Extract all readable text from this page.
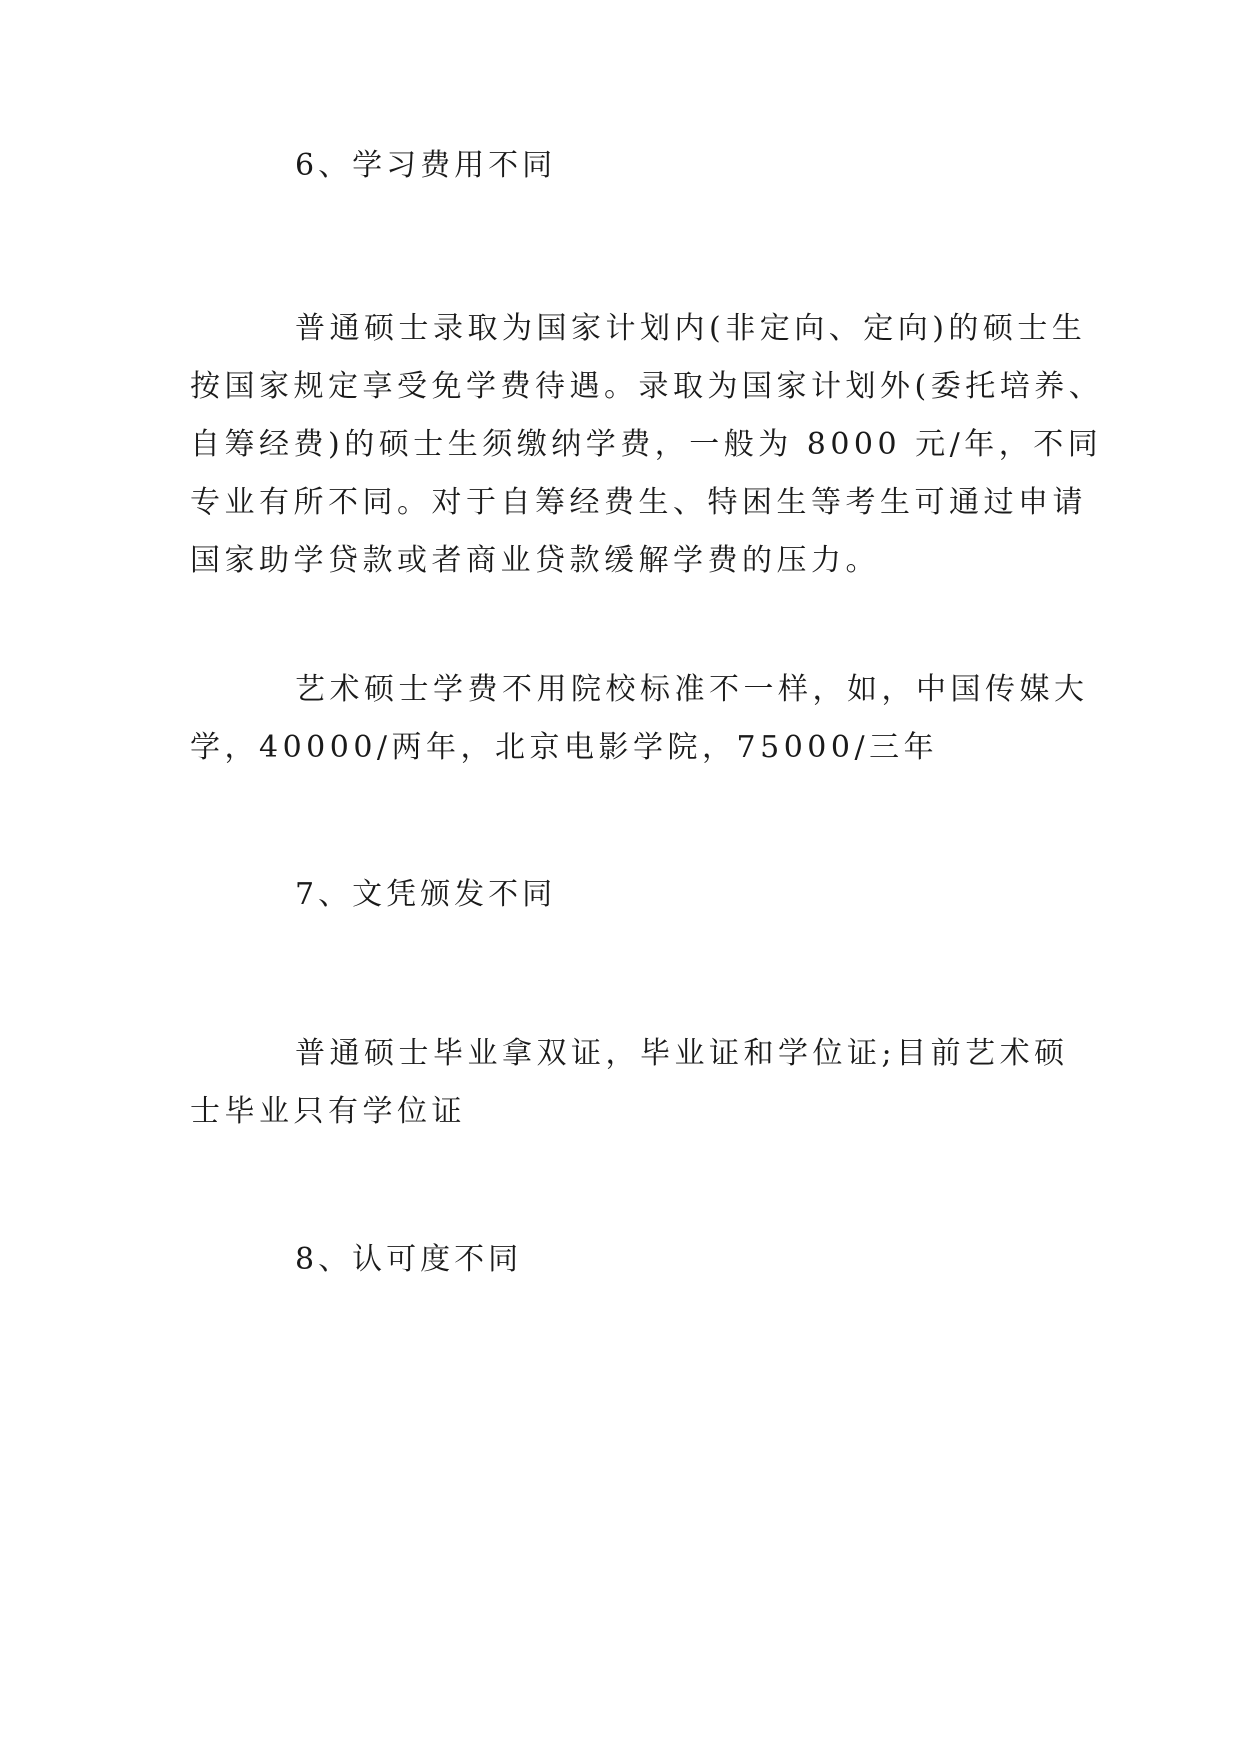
6、学习费用不同
普通硕士录取为国家计划内(非定向、定向)的硕士生
按国家规定享受免学费待遇。录取为国家计划外(委托培养、
自筹经费)的硕士生须缴纳学费，一般为 8000 元/年，不同
专业有所不同。对于自筹经费生、特困生等考生可通过申请
国家助学贷款或者商业贷款缓解学费的压力。
艺术硕士学费不用院校标准不一样，如，中国传媒大
学，40000/两年，北京电影学院，75000/三年
7、文凭颁发不同
普通硕士毕业拿双证，毕业证和学位证;目前艺术硕
士毕业只有学位证
8、认可度不同
